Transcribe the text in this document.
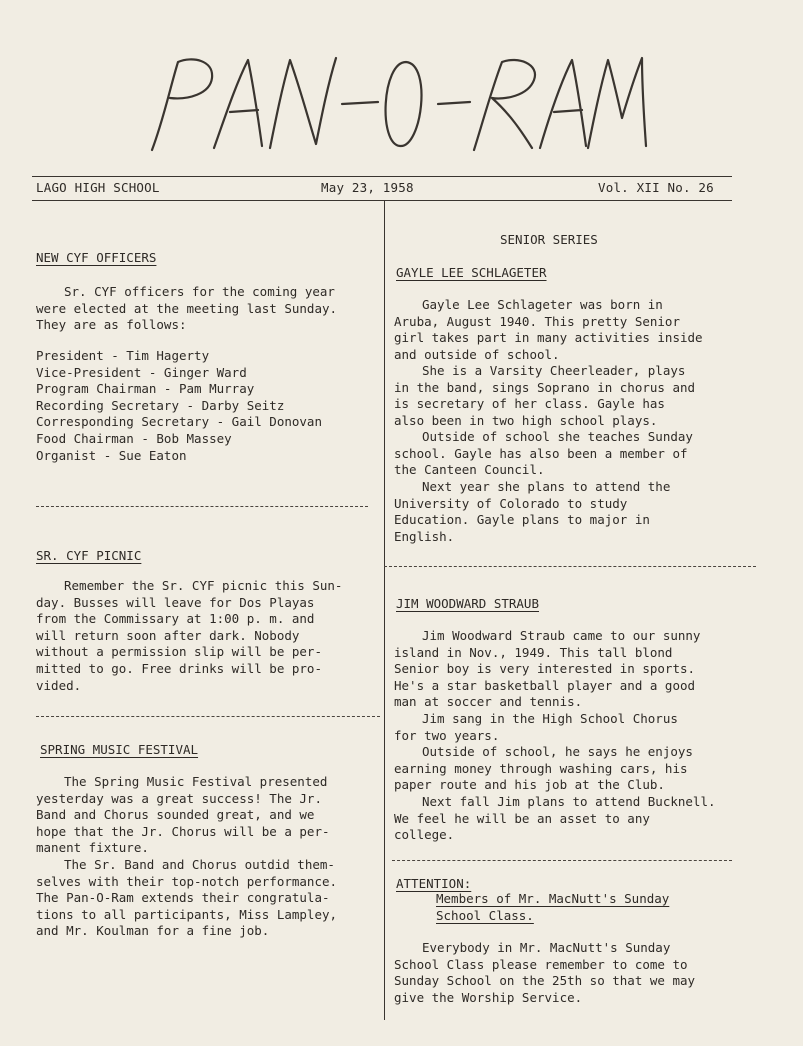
LAGO HIGH SCHOOL	May 23, 1958	Vol. XII No. 26
NEW CYF OFFICERS
Sr. CYF officers for the coming year
were elected at the meeting last Sunday.
They are as follows:
President - Tim Hagerty
Vice-President - Ginger Ward
Program Chairman - Pam Murray
Recording Secretary - Darby Seitz
Corresponding Secretary - Gail Donovan
Food Chairman - Bob Massey
Organist - Sue Eaton
SR. CYF PICNIC
Remember the Sr. CYF picnic this Sun-
day. Busses will leave for Dos Playas
from the Commissary at 1:00 p. m. and
will return soon after dark. Nobody
without a permission slip will be per-
mitted to go. Free drinks will be pro-
vided.
SPRING MUSIC FESTIVAL
The Spring Music Festival presented
yesterday was a great success! The Jr.
Band and Chorus sounded great, and we
hope that the Jr. Chorus will be a per-
manent fixture.
The Sr. Band and Chorus outdid them-
selves with their top-notch performance.
The Pan-O-Ram extends their congratula-
tions to all participants, Miss Lampley,
and Mr. Koulman for a fine job.
SENIOR SERIES
GAYLE LEE SCHLAGETER
Gayle Lee Schlageter was born in
Aruba, August 1940. This pretty Senior
girl takes part in many activities inside
and outside of school.
She is a Varsity Cheerleader, plays
in the band, sings Soprano in chorus and
is secretary of her class. Gayle has
also been in two high school plays.
Outside of school she teaches Sunday
school. Gayle has also been a member of
the Canteen Council.
Next year she plans to attend the
University of Colorado to study
Education. Gayle plans to major in
English.
JIM WOODWARD STRAUB
Jim Woodward Straub came to our sunny
island in Nov., 1949. This tall blond
Senior boy is very interested in sports.
He's a star basketball player and a good
man at soccer and tennis.
Jim sang in the High School Chorus
for two years.
Outside of school, he says he enjoys
earning money through washing cars, his
paper route and his job at the Club.
Next fall Jim plans to attend Bucknell.
We feel he will be an asset to any
college.
ATTENTION:
Members of Mr. MacNutt's Sunday
School Class.
Everybody in Mr. MacNutt's Sunday
School Class please remember to come to
Sunday School on the 25th so that we may
give the Worship Service.
